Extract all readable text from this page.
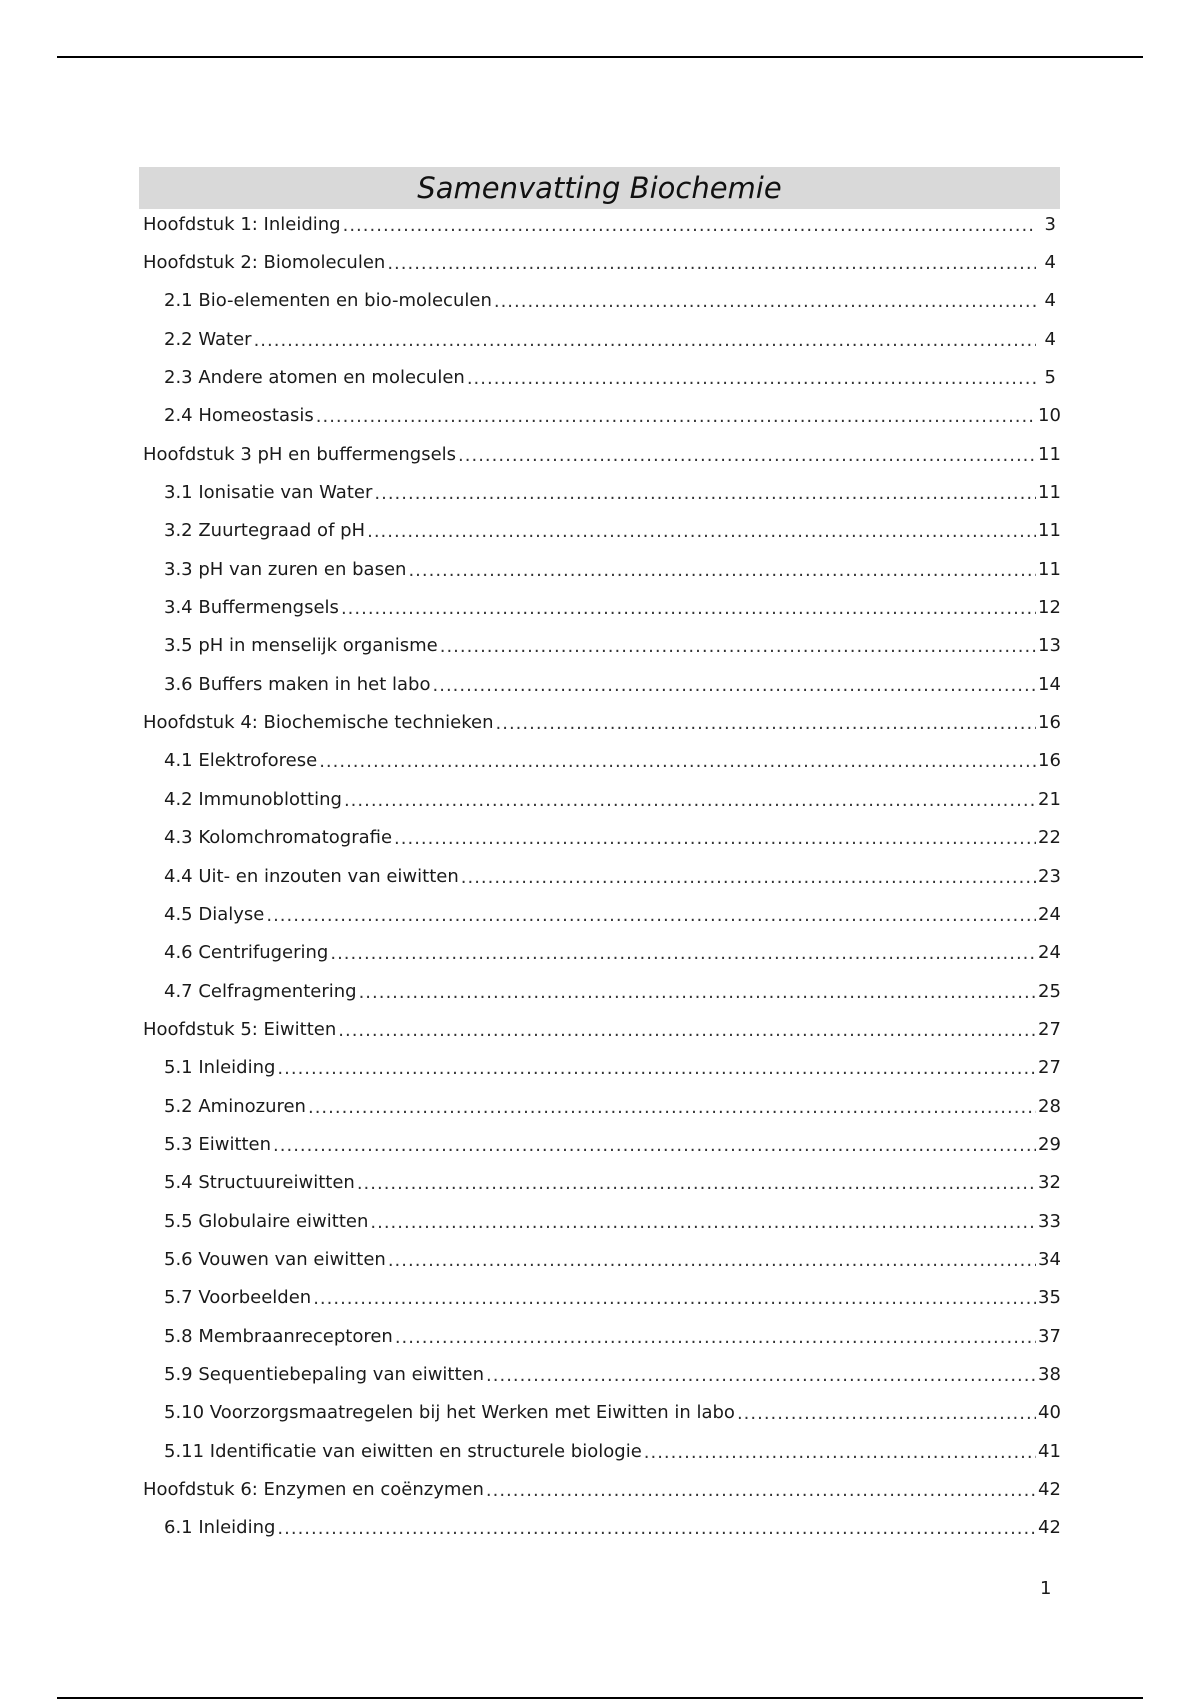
Samenvatting Biochemie
Hoofdstuk 1: Inleiding .....	3
Hoofdstuk 2: Biomoleculen .....	4
2.1 Bio-elementen en bio-moleculen .....	4
2.2 Water .....	4
2.3 Andere atomen en moleculen .....	5
2.4 Homeostasis .....	10
Hoofdstuk 3 pH en buffermengsels .....	11
3.1 Ionisatie van Water .....	11
3.2 Zuurtegraad of pH .....	11
3.3 pH van zuren en basen .....	11
3.4 Buffermengsels .....	12
3.5 pH in menselijk organisme .....	13
3.6 Buffers maken in het labo .....	14
Hoofdstuk 4: Biochemische technieken .....	16
4.1 Elektroforese .....	16
4.2 Immunoblotting .....	21
4.3 Kolomchromatografie .....	22
4.4 Uit- en inzouten van eiwitten .....	23
4.5 Dialyse .....	24
4.6 Centrifugering .....	24
4.7 Celfragmentering .....	25
Hoofdstuk 5: Eiwitten .....	27
5.1 Inleiding .....	27
5.2 Aminozuren .....	28
5.3 Eiwitten .....	29
5.4 Structuureiwitten .....	32
5.5 Globulaire eiwitten .....	33
5.6 Vouwen van eiwitten .....	34
5.7 Voorbeelden .....	35
5.8 Membraanreceptoren .....	37
5.9 Sequentiebepaling van eiwitten .....	38
5.10 Voorzorgsmaatregelen bij het Werken met Eiwitten in labo .....	40
5.11 Identificatie van eiwitten en structurele biologie .....	41
Hoofdstuk 6: Enzymen en coënzymen .....	42
6.1 Inleiding .....	42
1
